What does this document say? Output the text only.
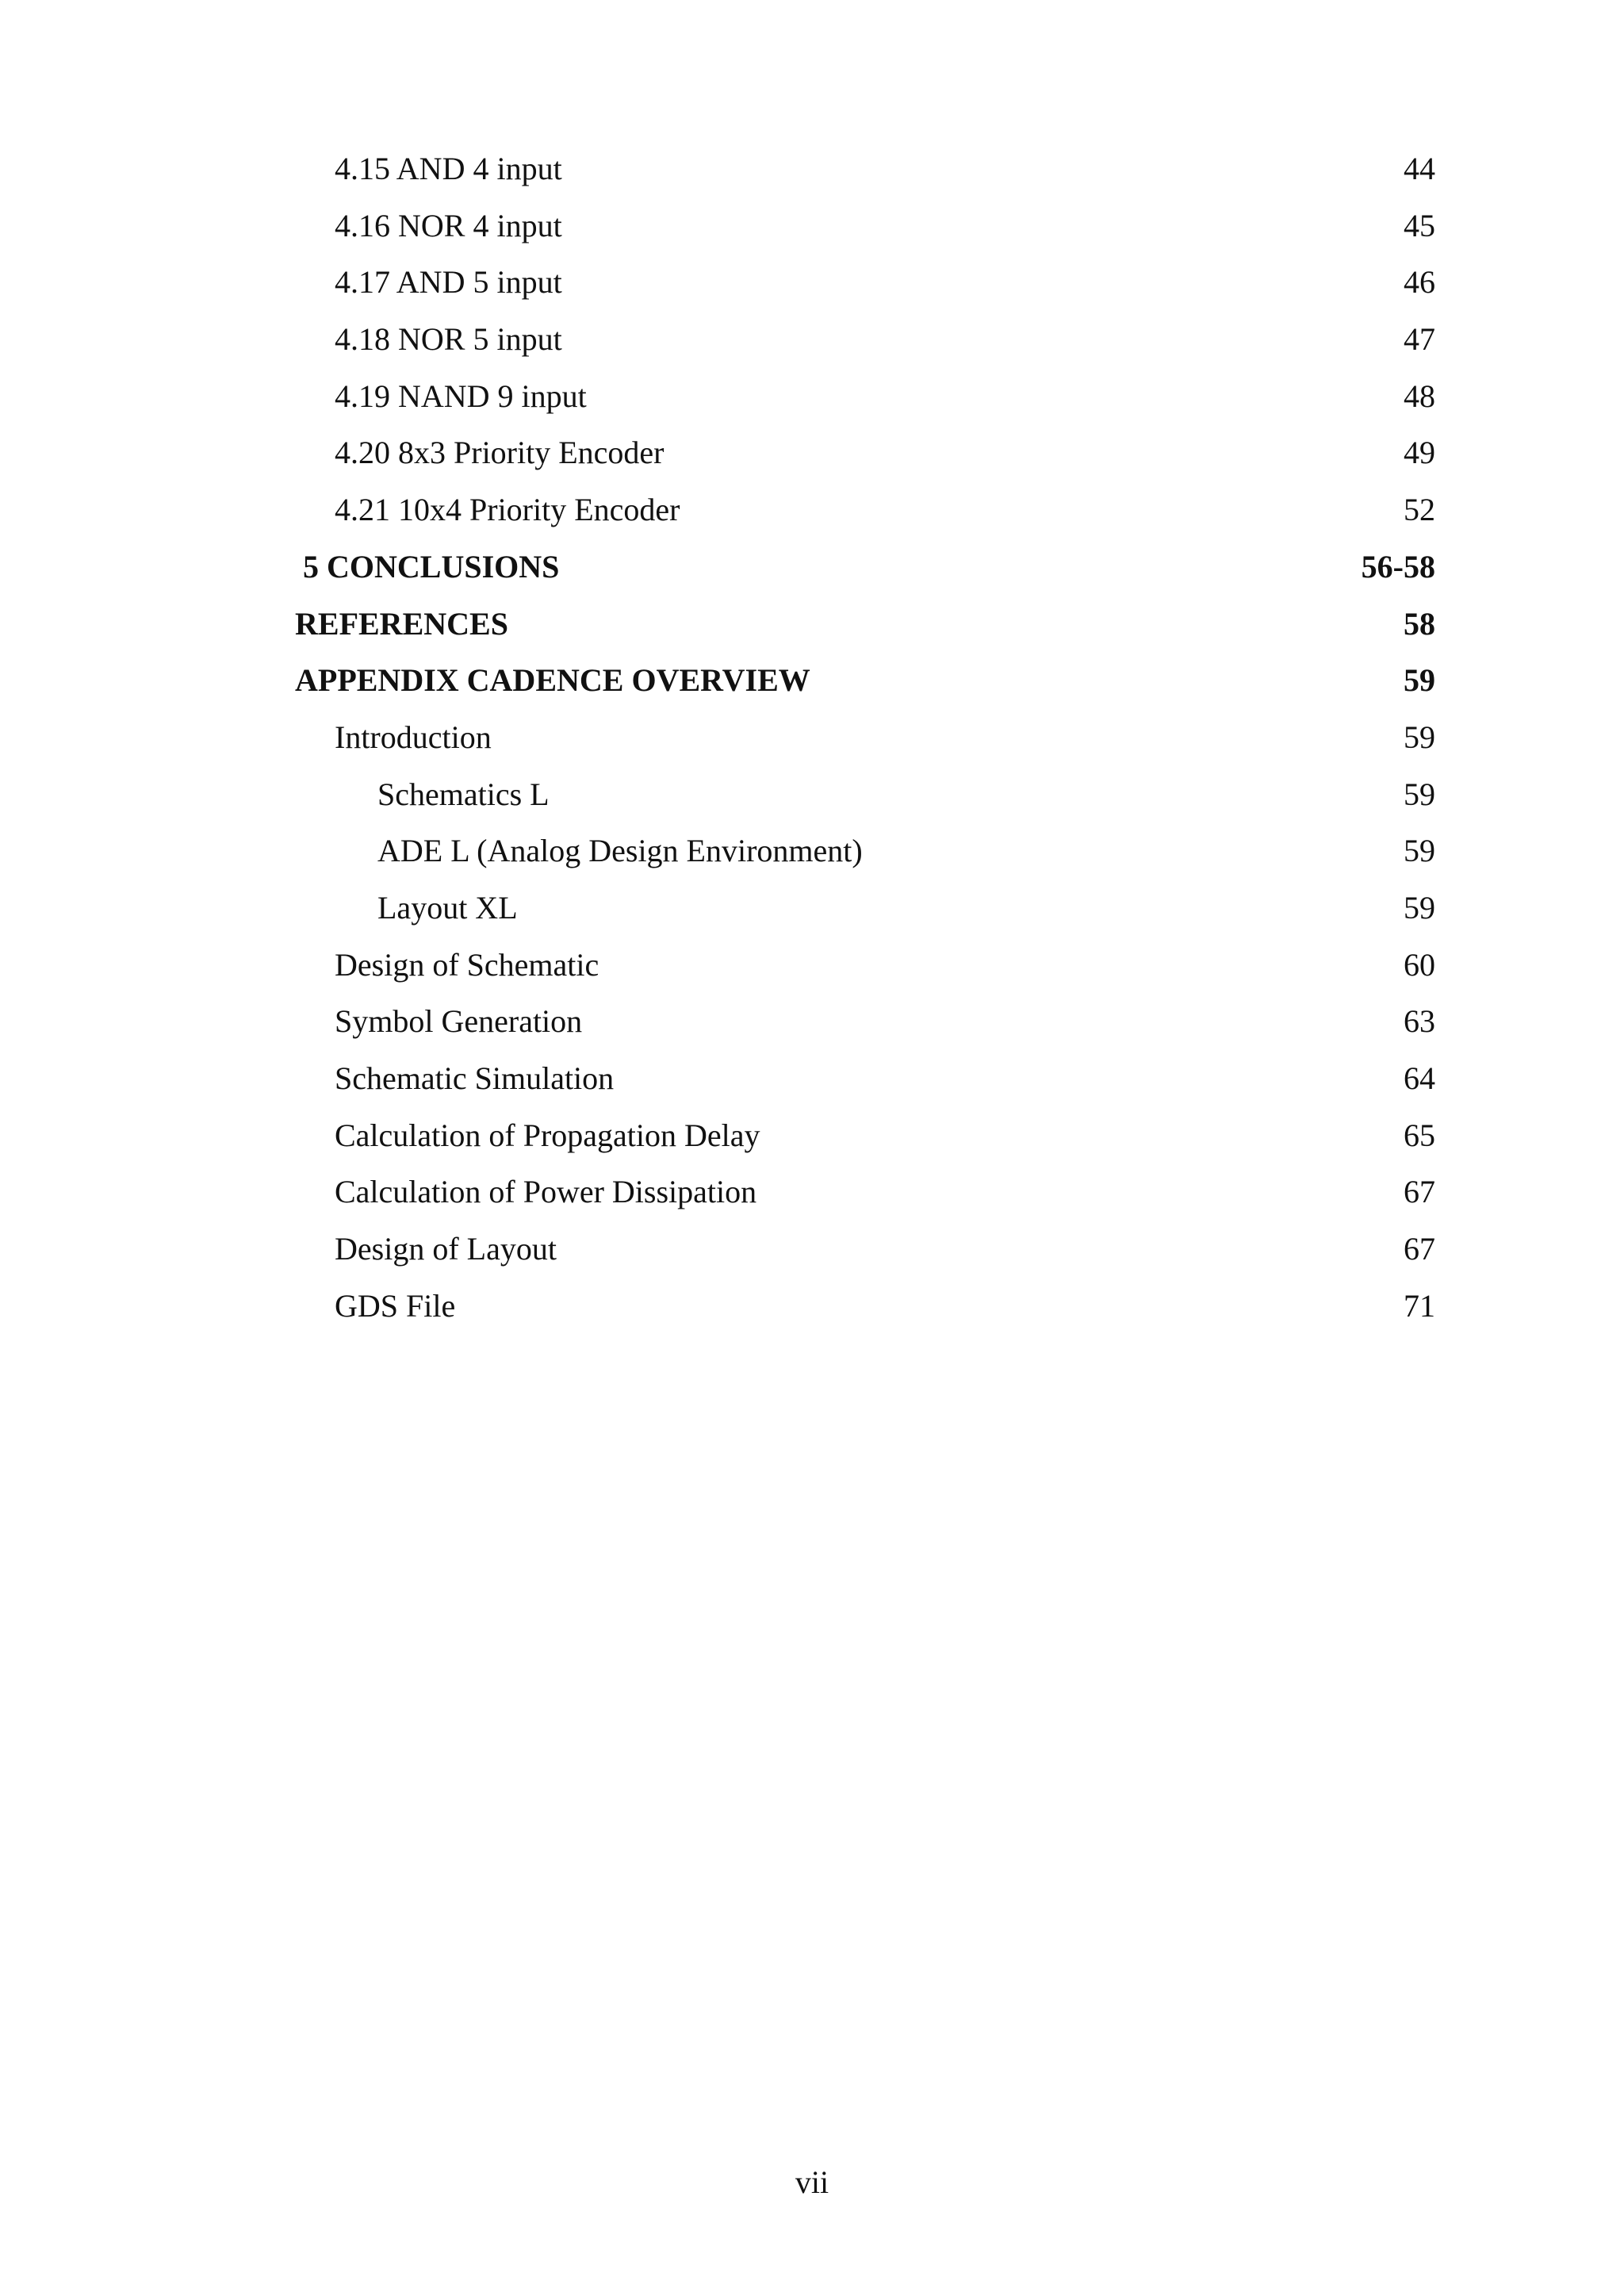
4.15 AND 4 input	44
4.16 NOR 4 input	45
4.17 AND 5 input	46
4.18 NOR 5 input	47
4.19 NAND 9 input	48
4.20 8x3 Priority Encoder	49
4.21 10x4 Priority Encoder	52
5 CONCLUSIONS	56-58
REFERENCES	58
APPENDIX CADENCE OVERVIEW	59
Introduction	59
Schematics L	59
ADE L (Analog Design Environment)	59
Layout XL	59
Design of Schematic	60
Symbol Generation	63
Schematic Simulation	64
Calculation of Propagation Delay	65
Calculation of Power Dissipation	67
Design of Layout	67
GDS File	71
vii
